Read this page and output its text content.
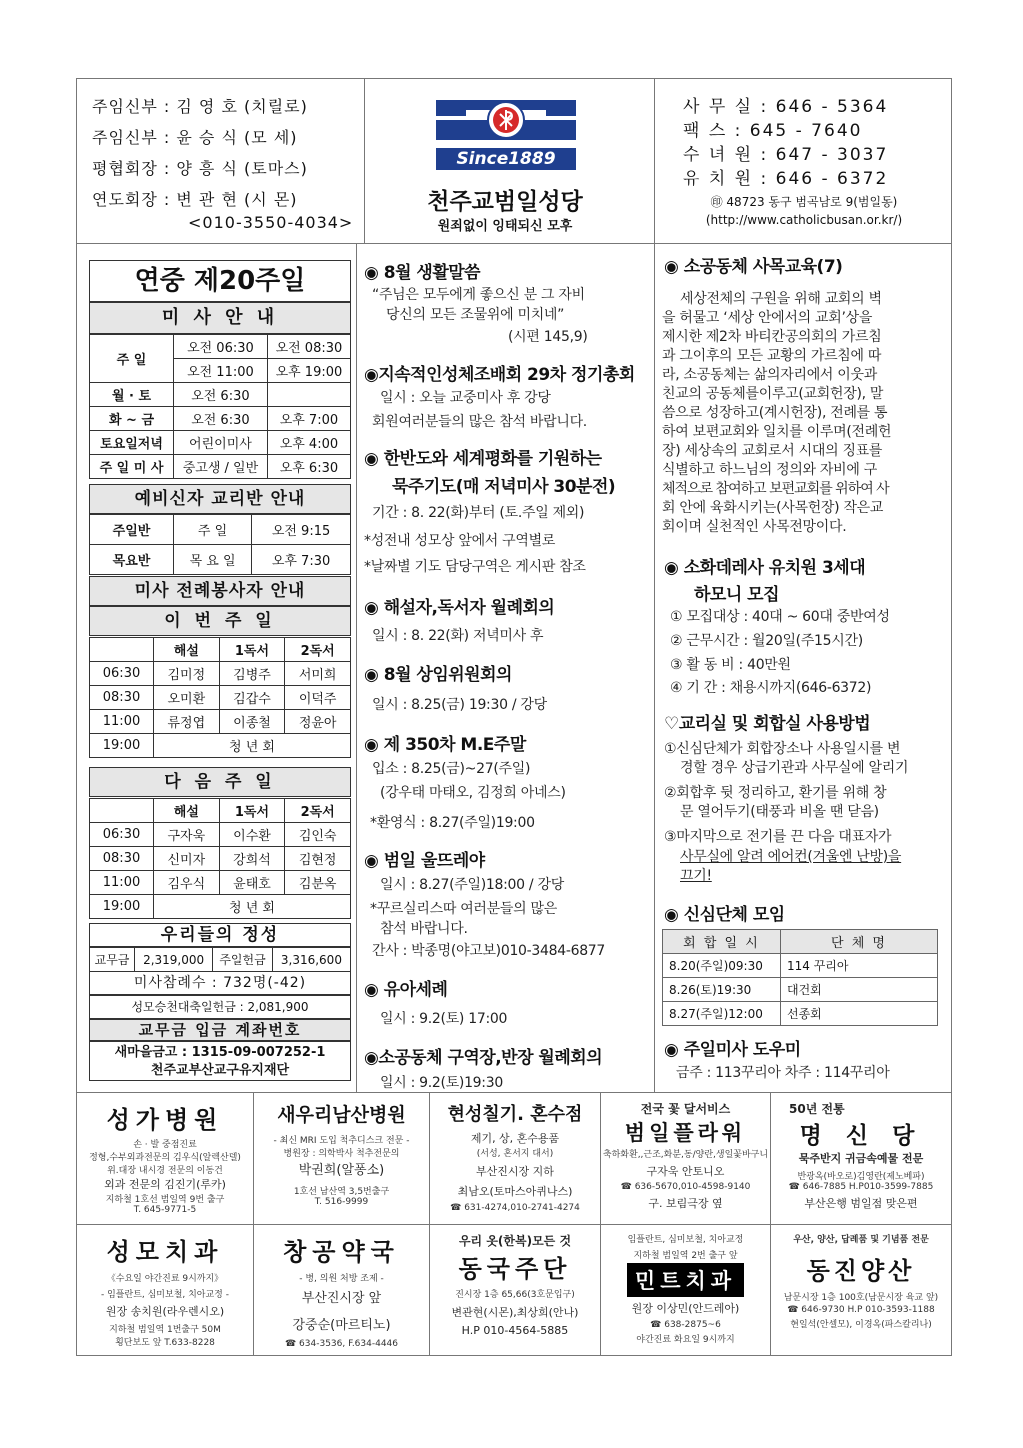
주임신부 : 김 영 호 (치릴로)
주임신부 : 윤 승 식 (모 세)
평협회장 : 양 흥 식 (토마스)
연도회장 : 변 관 현 (시 몬)
<010-3550-4034>
Since1889
천주교범일성당
원죄없이 잉태되신 모후
사 무 실 : 646 - 5364
팩 스 : 645 - 7640
수 녀 원 : 647 - 3037
유 치 원 : 646 - 6372
㊞ 48723 동구 범곡남로 9(범일동)
(http://www.catholicbusan.or.kr/)
연중 제20주일
미 사 안 내
주 일	오전 06:30	오전 08:30
	오전 11:00	오후 19:00
월 · 토	오전 6:30	
화 ~ 금	오전 6:30	오후 7:00
토요일저녁	어린이미사	오후 4:00
주 일 미 사	중고생 / 일반	오후 6:30
예비신자 교리반 안내
주일반	주 일	오전 9:15
목요반	목 요 일	오후 7:30
미사 전례봉사자 안내
이 번 주 일
	해설	1독서	2독서
06:30	김미정	김병주	서미희
08:30	오미환	김갑수	이덕주
11:00	류정엽	이종철	정윤아
19:00	청 년 회		
다 음 주 일
	해설	1독서	2독서
06:30	구자욱	이수환	김인숙
08:30	신미자	강희석	김현정
11:00	김우식	윤태호	김분옥
19:00	청 년 회		
우리들의 정성
교무금	2,319,000	주일헌금	3,316,600
미사참례수 : 732명(-42)
성모승천대축일헌금 : 2,081,900
교무금 입금 계좌번호
새마을금고 : 1315-09-007252-1
천주교부산교구유지재단
◉ 8월 생활말씀
“주님은 모두에게 좋으신 분 그 자비
당신의 모든 조물위에 미치네”
(시편 145,9)
◉지속적인성체조배회 29차 정기총회
일시 : 오늘 교중미사 후 강당
회원여러분들의 많은 참석 바랍니다.
◉ 한반도와 세계평화를 기원하는
묵주기도(매 저녁미사 30분전)
기간 : 8. 22(화)부터 (토.주일 제외)
*성전내 성모상 앞에서 구역별로
*날짜별 기도 담당구역은 게시판 참조
◉ 해설자,독서자 월례회의
일시 : 8. 22(화) 저녁미사 후
◉ 8월 상임위원회의
일시 : 8.25(금) 19:30 / 강당
◉ 제 350차 M.E주말
입소 : 8.25(금)~27(주일)
(강우태 마태오, 김정희 아네스)
*환영식 : 8.27(주일)19:00
◉ 범일 울뜨레야
일시 : 8.27(주일)18:00 / 강당
*꾸르실리스따 여러분들의 많은
참석 바랍니다.
간사 : 박종명(야고보)010-3484-6877
◉ 유아세례
일시 : 9.2(토) 17:00
◉소공동체 구역장,반장 월례회의
일시 : 9.2(토)19:30
◉ 소공동체 사목교육(7)
세상전체의 구원을 위해 교회의 벽
을 허물고 ‘세상 안에서의 교회’상을
제시한 제2차 바티칸공의회의 가르침
과 그이후의 모든 교황의 가르침에 따
라, 소공동체는 삶의자리에서 이웃과
친교의 공동체를이루고(교회헌장), 말
씀으로 성장하고(계시헌장), 전례를 통
하여 보편교회와 일치를 이루며(전례헌
장) 세상속의 교회로서 시대의 징표를
식별하고 하느님의 정의와 자비에 구
체적으로 참여하고 보편교회를 위하여 사
회 안에 육화시키는(사목헌장) 작은교
회이며 실천적인 사목전망이다.
◉ 소화데레사 유치원 3세대
하모니 모집
① 모집대상 : 40대 ~ 60대 중반여성
② 근무시간 : 월20일(주15시간)
③ 활 동 비 : 40만원
④ 기 간 : 채용시까지(646-6372)
♡교리실 및 회합실 사용방법
①신심단체가 회합장소나 사용일시를 변
경할 경우 상급기관과 사무실에 알리기
②회합후 뒷 정리하고, 환기를 위해 창
문 열어두기(태풍과 비올 땐 닫음)
③마지막으로 전기를 끈 다음 대표자가
사무실에 알려 에어컨(겨울엔 난방)을
끄기!
◉ 신심단체 모임
회 합 일 시	단 체 명
8.20(주일)09:30	114 꾸리아
8.26(토)19:30	대건회
8.27(주일)12:00	선종회
◉ 주일미사 도우미
금주 : 113꾸리아 차주 : 114꾸리아
성가병원
손 · 발 중점진료
정형,수부외과전문의 김우식(알렉산델)
위.대장 내시경 전문의 이동건
외과 전문의 김진기(루카)
지하철 1호선 범일역 9번 출구
T. 645-9771-5
새우리남산병원
- 최신 MRI 도입 척추디스크 전문 -
병원장 : 의학박사 척추전문의
박권희(알퐁소)
1호선 남산역 3,5번출구
T. 516-9999
현성칠기. 혼수점
제기, 상, 혼수용품
(서성, 혼서지 대서)
부산진시장 지하
최남오(토마스아퀴나스)
☎ 631-4274,010-2741-4274
전국 꽃 달서비스
범일플라워
축하화환,,근조,화분,동/양란,생일꽃바구니
구자욱 안토니오
☎ 636-5670,010-4598-9140
구. 보림극장 옆
50년 전통
명 신 당
묵주반지 귀금속예물 전문
반광옥(바오로)김영란(제노베파)
☎ 646-7885 H.P010-3599-7885
부산은행 범일점 맞은편
성모치과
《수요일 야간진료 9시까지》
- 임플란트, 심미보철, 치아교정 -
원장 송치원(라우렌시오)
지하철 범일역 1번출구 50M
횡단보도 앞 T.633-8228
창공약국
- 병, 의원 처방 조제 -
부산진시장 앞
강중순(마르티노)
☎ 634-3536, F.634-4446
우리 옷(한복)모든 것
동국주단
진시장 1층 65,66(3호문입구)
변관현(시몬),최상희(안나)
H.P 010-4564-5885
임플란트, 심미보철, 치아교정
지하철 범일역 2번 출구 앞
민트치과
원장 이상민(안드레아)
☎ 638-2875~6
야간진료 화요일 9시까지
우산, 양산, 답례품 및 기념품 전문
동진양산
남문시장 1층 100호(남문시장 육교 앞)
☎ 646-9730 H.P 010-3593-1188
현일석(안셀모), 이경옥(파스칼리나)
